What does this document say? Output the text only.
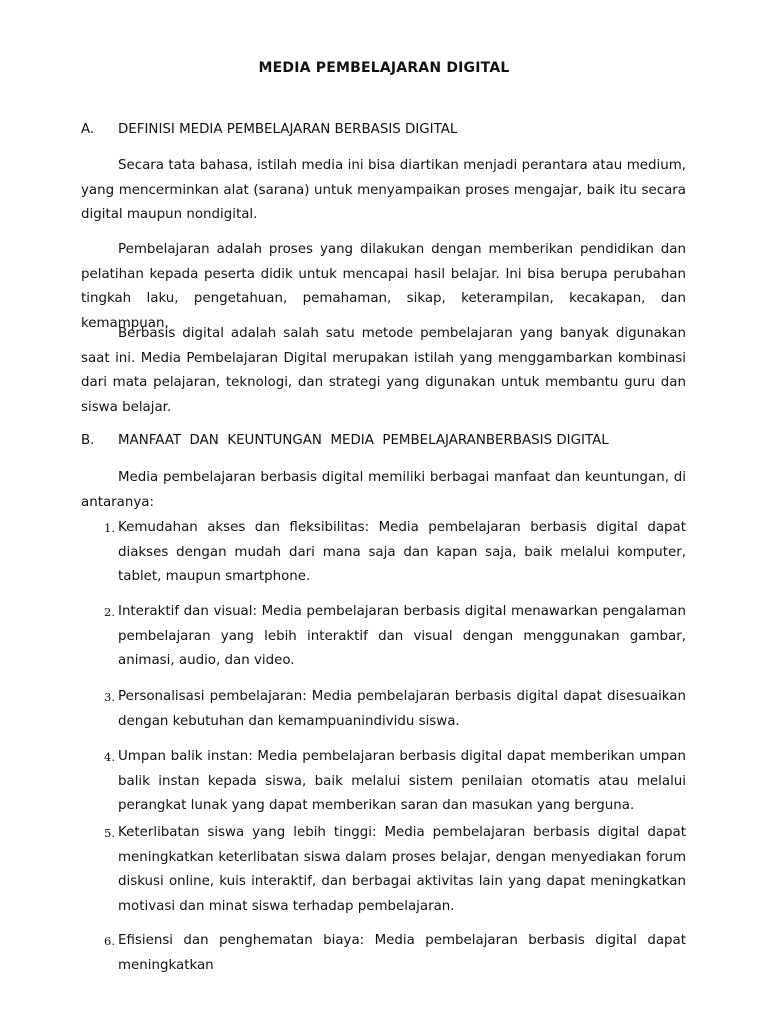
MEDIA PEMBELAJARAN DIGITAL
A. DEFINISI MEDIA PEMBELAJARAN BERBASIS DIGITAL

Secara tata bahasa, istilah media ini bisa diartikan menjadi perantara atau medium, yang mencerminkan alat (sarana) untuk menyampaikan proses mengajar, baik itu secara digital maupun nondigital.

Pembelajaran adalah proses yang dilakukan dengan memberikan pendidikan dan pelatihan kepada peserta didik untuk mencapai hasil belajar. Ini bisa berupa perubahan tingkah laku, pengetahuan, pemahaman, sikap, keterampilan, kecakapan, dan kemampuan.

Berbasis digital adalah salah satu metode pembelajaran yang banyak digunakan saat ini. Media Pembelajaran Digital merupakan istilah yang menggambarkan kombinasi dari mata pelajaran, teknologi, dan strategi yang digunakan untuk membantu guru dan siswa belajar.

B. MANFAAT  DAN  KEUNTUNGAN  MEDIA  PEMBELAJARANBERBASIS DIGITAL

Media pembelajaran berbasis digital memiliki berbagai manfaat dan keuntungan, di antaranya:

1. Kemudahan akses dan fleksibilitas: Media pembelajaran berbasis digital dapat diakses dengan mudah dari mana saja dan kapan saja, baik melalui komputer, tablet, maupun smartphone.
2. Interaktif dan visual: Media pembelajaran berbasis digital menawarkan pengalaman pembelajaran yang lebih interaktif dan visual dengan menggunakan gambar, animasi, audio, dan video.
3. Personalisasi pembelajaran: Media pembelajaran berbasis digital dapat disesuaikan dengan kebutuhan dan kemampuanindividu siswa.
4. Umpan balik instan: Media pembelajaran berbasis digital dapat memberikan umpan balik instan kepada siswa, baik melalui sistem penilaian otomatis atau melalui perangkat lunak yang dapat memberikan saran dan masukan yang berguna.
5. Keterlibatan siswa yang lebih tinggi: Media pembelajaran berbasis digital dapat meningkatkan keterlibatan siswa dalam proses belajar, dengan menyediakan forum diskusi online, kuis interaktif, dan berbagai aktivitas lain yang dapat meningkatkan motivasi dan minat siswa terhadap pembelajaran.
6. Efisiensi dan penghematan biaya: Media pembelajaran berbasis digital dapat meningkatkan
